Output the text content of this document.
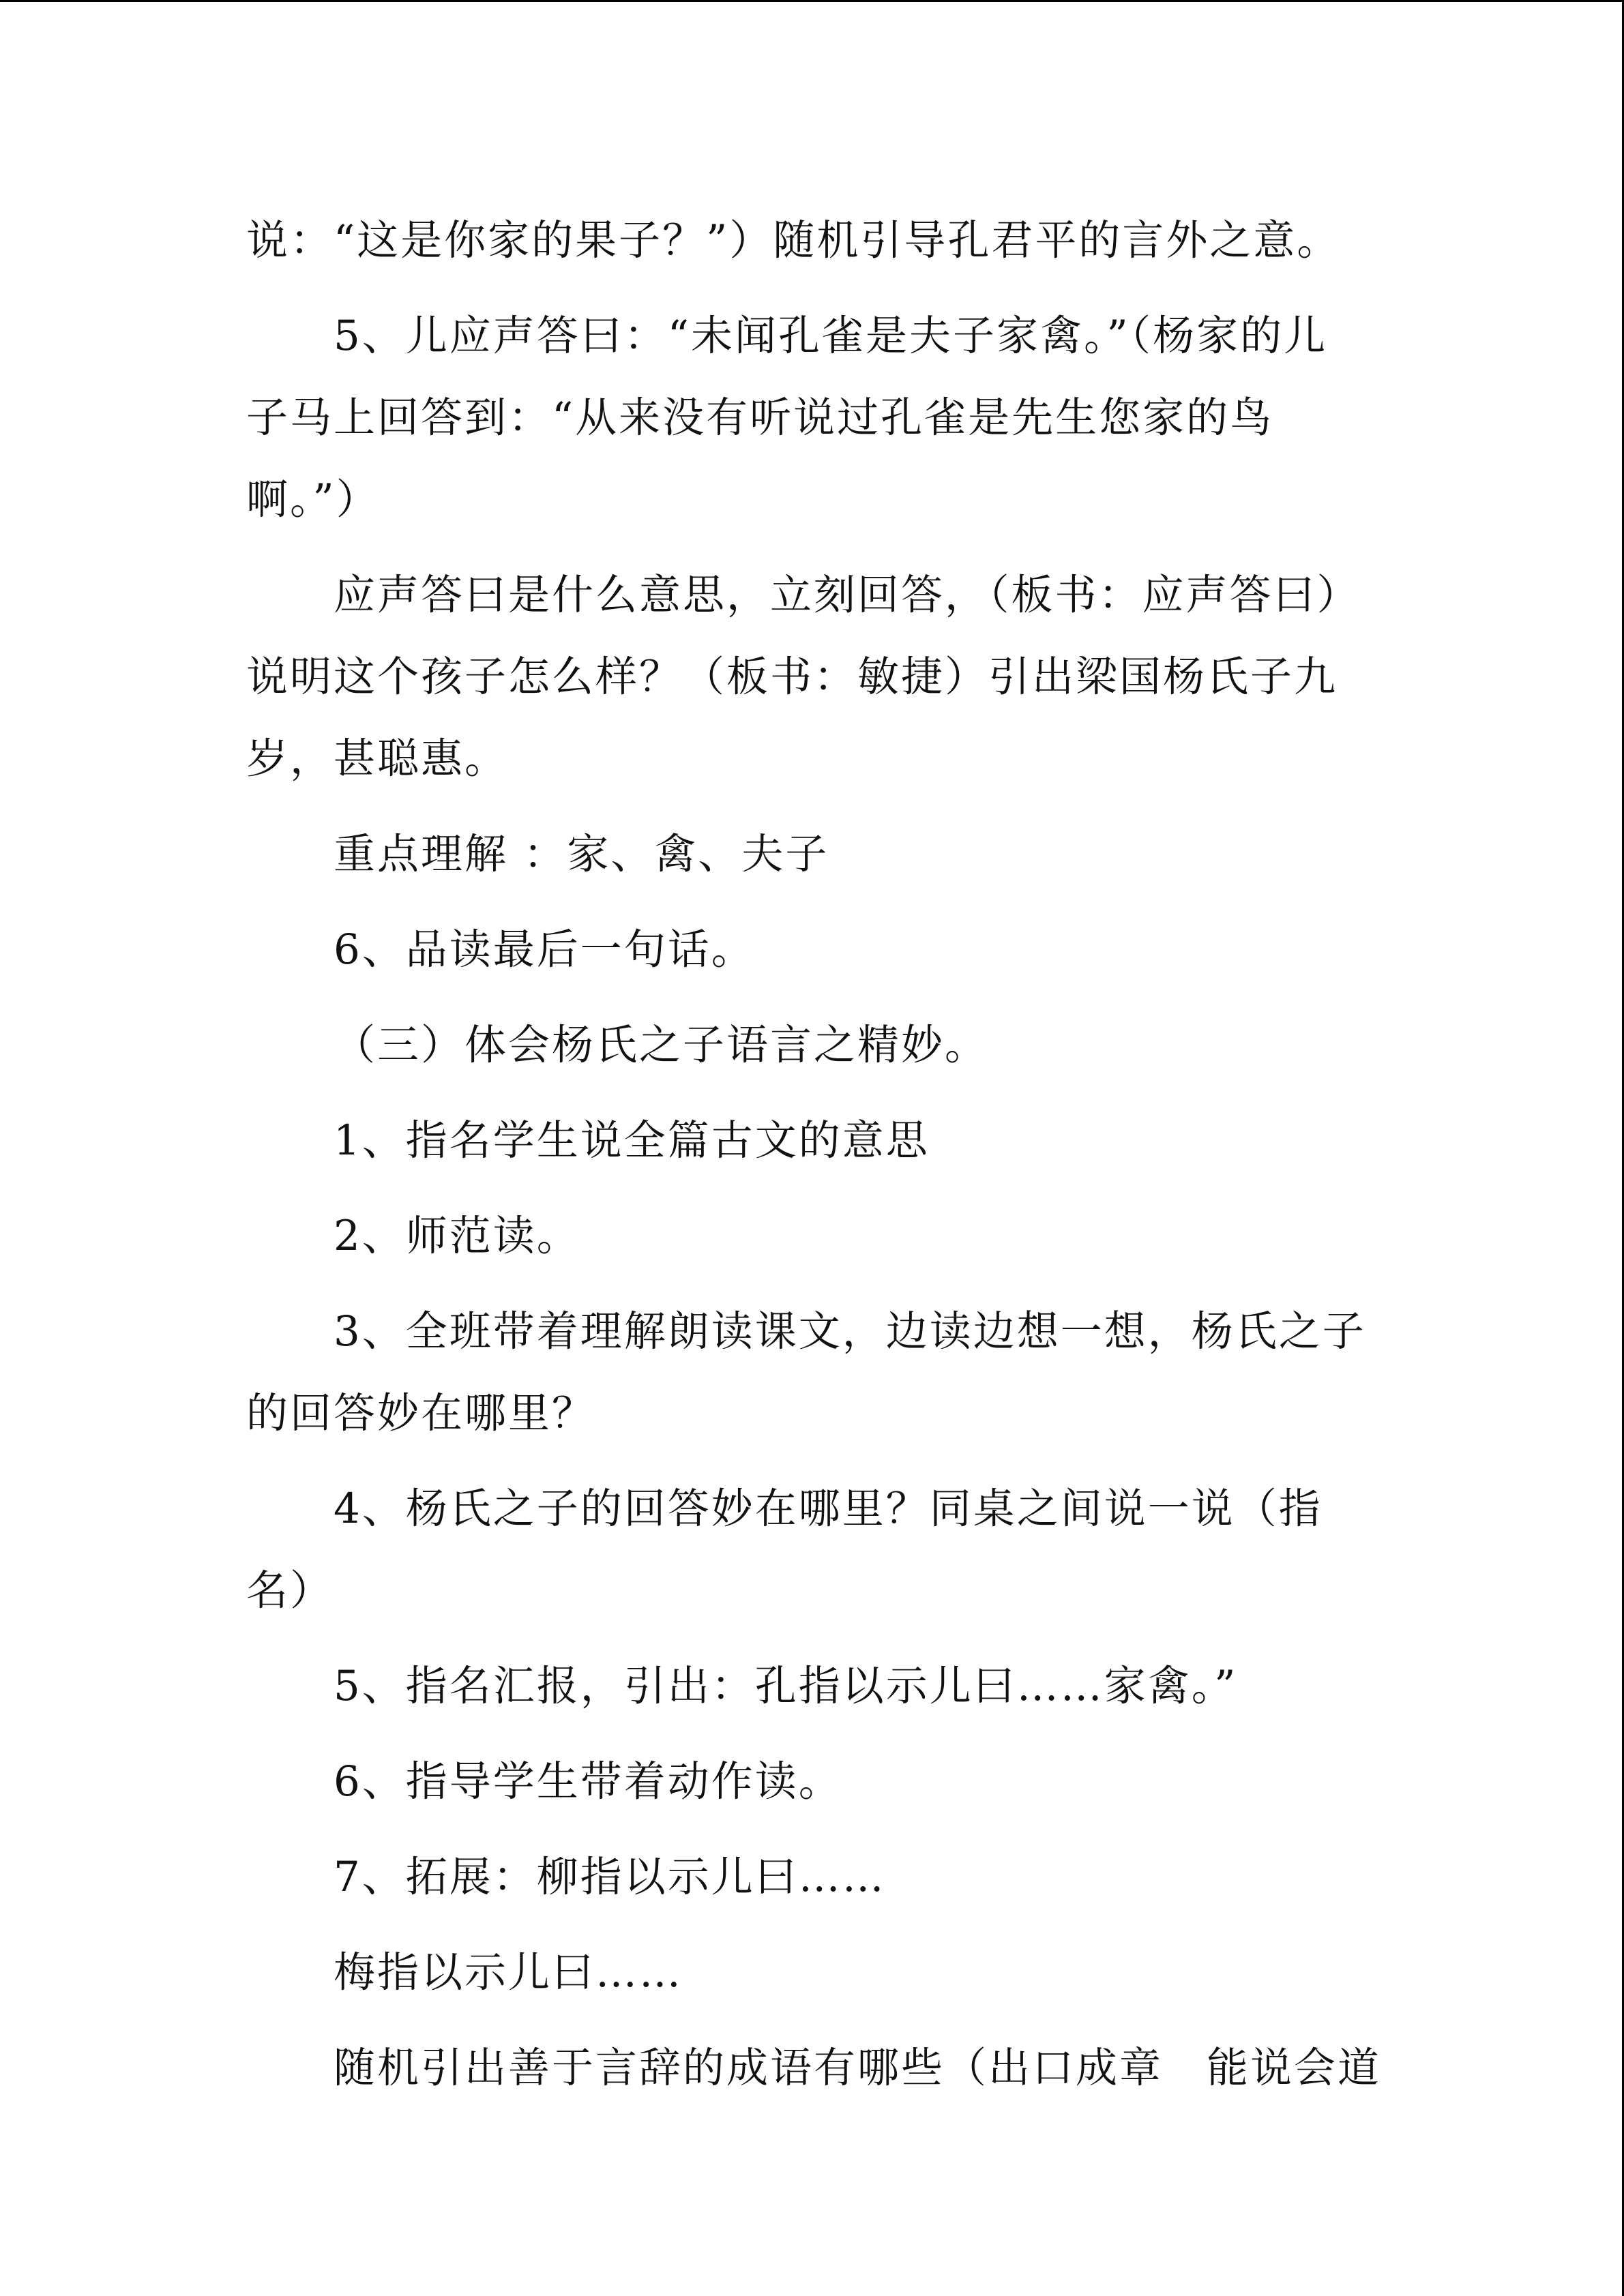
说：“这是你家的果子？”）随机引导孔君平的言外之意。
5、儿应声答曰：“未闻孔雀是夫子家禽。”（杨家的儿
子马上回答到：“从来没有听说过孔雀是先生您家的鸟
啊。”）
应声答曰是什么意思，立刻回答，（板书：应声答曰）
说明这个孩子怎么样？（板书：敏捷）引出梁国杨氏子九
岁，甚聪惠。
重点理解 ：家、禽、夫子
6、品读最后一句话。
（三）体会杨氏之子语言之精妙。
1、指名学生说全篇古文的意思
2、师范读。
3、全班带着理解朗读课文，边读边想一想，杨氏之子
的回答妙在哪里？
4、杨氏之子的回答妙在哪里？同桌之间说一说（指
名）
5、指名汇报，引出：孔指以示儿曰……家禽。”
6、指导学生带着动作读。
7、拓展：柳指以示儿曰……
梅指以示儿曰……
随机引出善于言辞的成语有哪些（出口成章　能说会道
